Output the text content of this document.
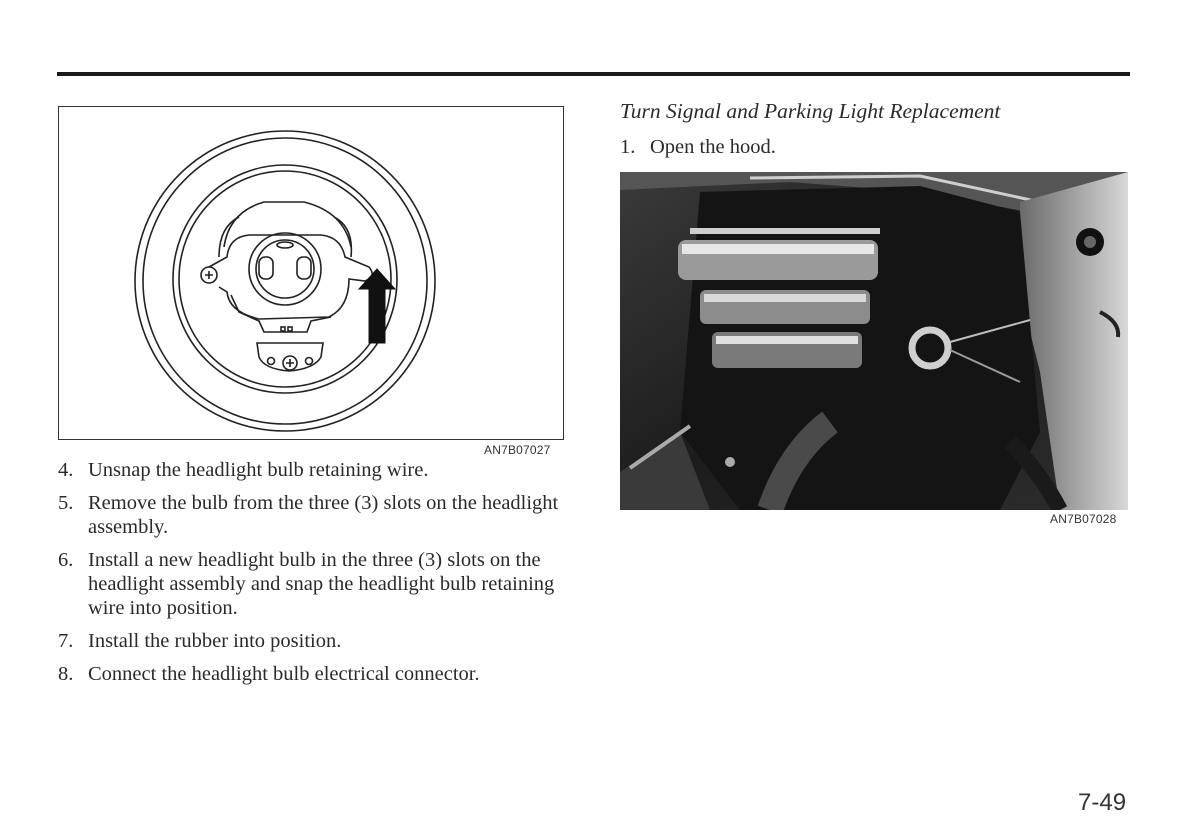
AN7B07027
4. Unsnap the headlight bulb retaining wire.
5. Remove the bulb from the three (3) slots on the headlight assembly.
6. Install a new headlight bulb in the three (3) slots on the headlight assembly and snap the headlight bulb retaining wire into position.
7. Install the rubber into position.
8. Connect the headlight bulb electrical connector.
Turn Signal and Parking Light Replacement
1. Open the hood.
AN7B07028
7-49
